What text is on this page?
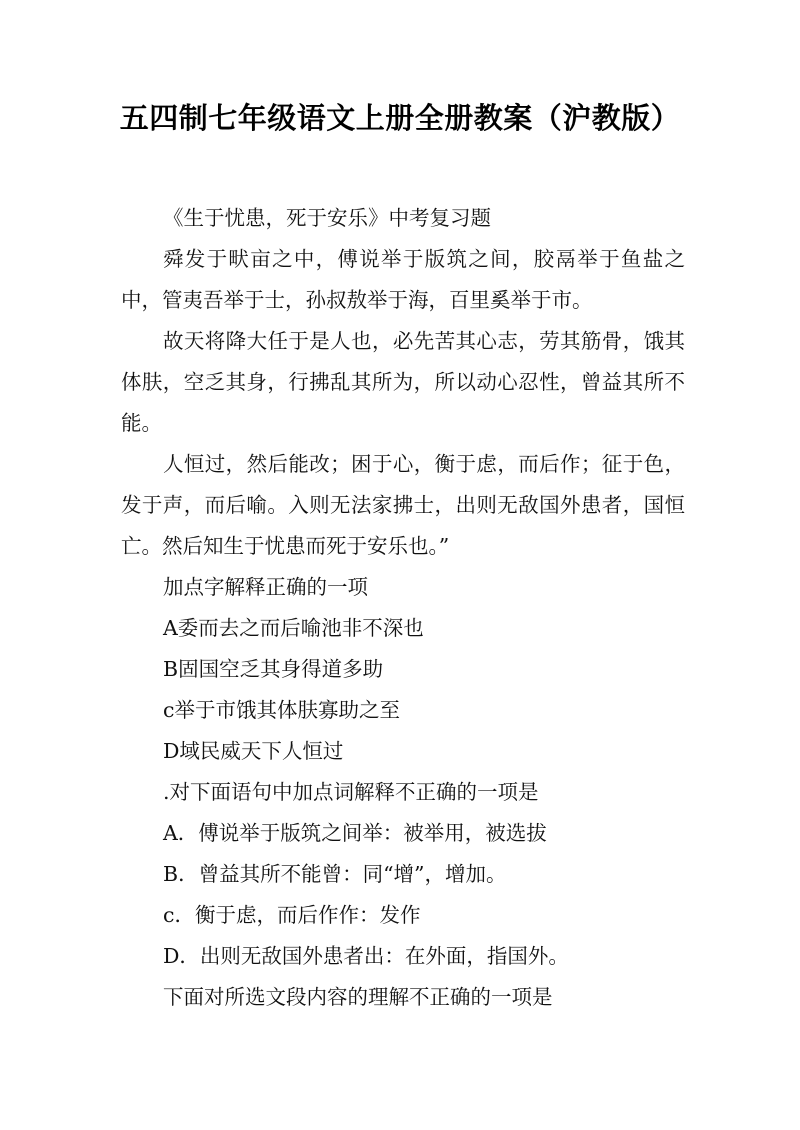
五四制七年级语文上册全册教案（沪教版）

《生于忧患，死于安乐》中考复习题

舜发于畎亩之中，傅说举于版筑之间，胶鬲举于鱼盐之中，管夷吾举于士，孙叔敖举于海，百里奚举于市。

故天将降大任于是人也，必先苦其心志，劳其筋骨，饿其体肤，空乏其身，行拂乱其所为，所以动心忍性，曾益其所不能。

人恒过，然后能改；困于心，衡于虑，而后作；征于色，发于声，而后喻。入则无法家拂士，出则无敌国外患者，国恒亡。然后知生于忧患而死于安乐也。”

加点字解释正确的一项

A委而去之而后喻池非不深也

B固国空乏其身得道多助

c举于市饿其体肤寡助之至

D域民威天下人恒过

.对下面语句中加点词解释不正确的一项是

A．傅说举于版筑之间举：被举用，被选拔

B．曾益其所不能曾：同“增”，增加。

c．衡于虑，而后作作：发作

D．出则无敌国外患者出：在外面，指国外。

下面对所选文段内容的理解不正确的一项是
